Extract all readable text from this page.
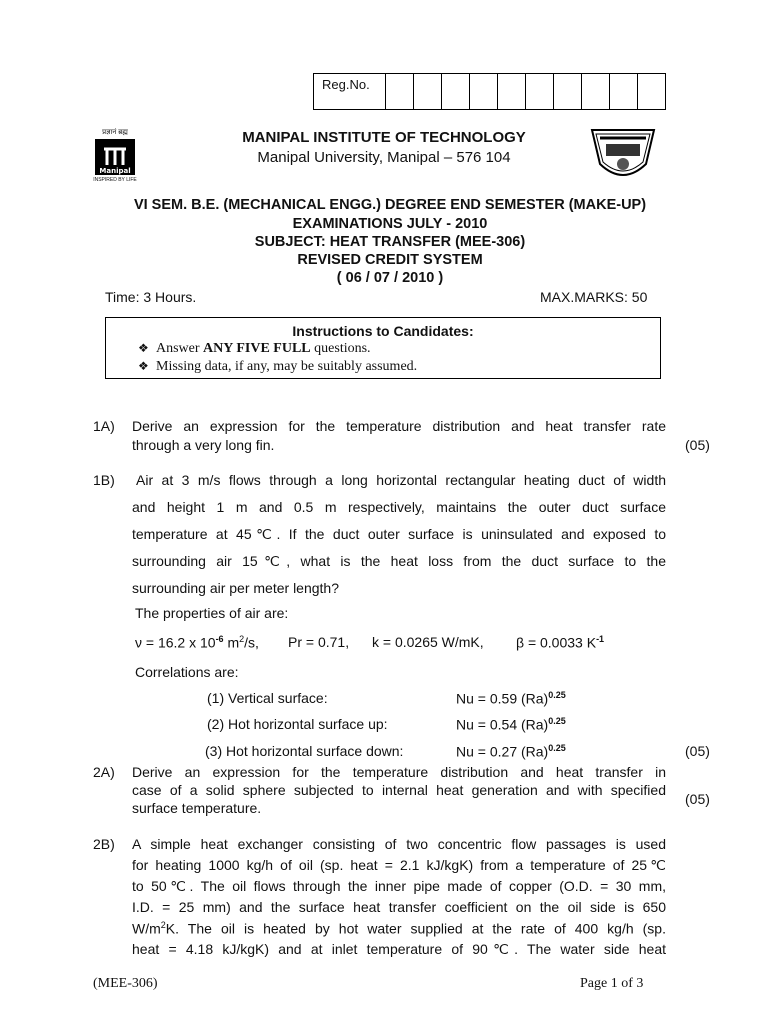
Reg.No.
प्रज्ञानं ब्रह्म
Manipal
INSPIRED BY LIFE
MANIPAL INSTITUTE OF TECHNOLOGY
Manipal University, Manipal – 576 104
VI SEM. B.E. (MECHANICAL ENGG.) DEGREE END SEMESTER (MAKE-UP)
EXAMINATIONS JULY - 2010
SUBJECT: HEAT TRANSFER (MEE-306)
REVISED CREDIT SYSTEM
( 06 / 07 / 2010 )
Time: 3 Hours.	MAX.MARKS: 50
Instructions to Candidates:
❖ Answer ANY FIVE FULL questions.
❖ Missing data, if any, may be suitably assumed.
1A) Derive an expression for the temperature distribution and heat transfer rate
through a very long fin.	(05)
1B) Air at 3 m/s flows through a long horizontal rectangular heating duct of width
and height 1 m and 0.5 m respectively, maintains the outer duct surface
temperature at 45℃. If the duct outer surface is uninsulated and exposed to
surrounding air 15℃, what is the heat loss from the duct surface to the
surrounding air per meter length?
The properties of air are:
ν = 16.2 x $10^{-6}$ $m^2/s$, Pr = 0.71, k = 0.0265 W/mK, β = 0.0033 $K^{-1}$
Correlations are:
(1) Vertical surface:	Nu = 0.59 $(Ra)^{0.25}$
(2) Hot horizontal surface up:	Nu = 0.54 $(Ra)^{0.25}$
(3) Hot horizontal surface down:	Nu = 0.27 $(Ra)^{0.25}$	(05)
2A) Derive an expression for the temperature distribution and heat transfer in
case of a solid sphere subjected to internal heat generation and with specified
surface temperature.
(05)
2B) A simple heat exchanger consisting of two concentric flow passages is used
for heating 1000 kg/h of oil (sp. heat = 2.1 kJ/kgK) from a temperature of 25℃
to 50℃. The oil flows through the inner pipe made of copper (O.D. = 30 mm,
I.D. = 25 mm) and the surface heat transfer coefficient on the oil side is 650
$W/m^2K$. The oil is heated by hot water supplied at the rate of 400 kg/h (sp.
heat = 4.18 kJ/kgK) and at inlet temperature of 90℃. The water side heat
(MEE-306)	Page 1 of 3
